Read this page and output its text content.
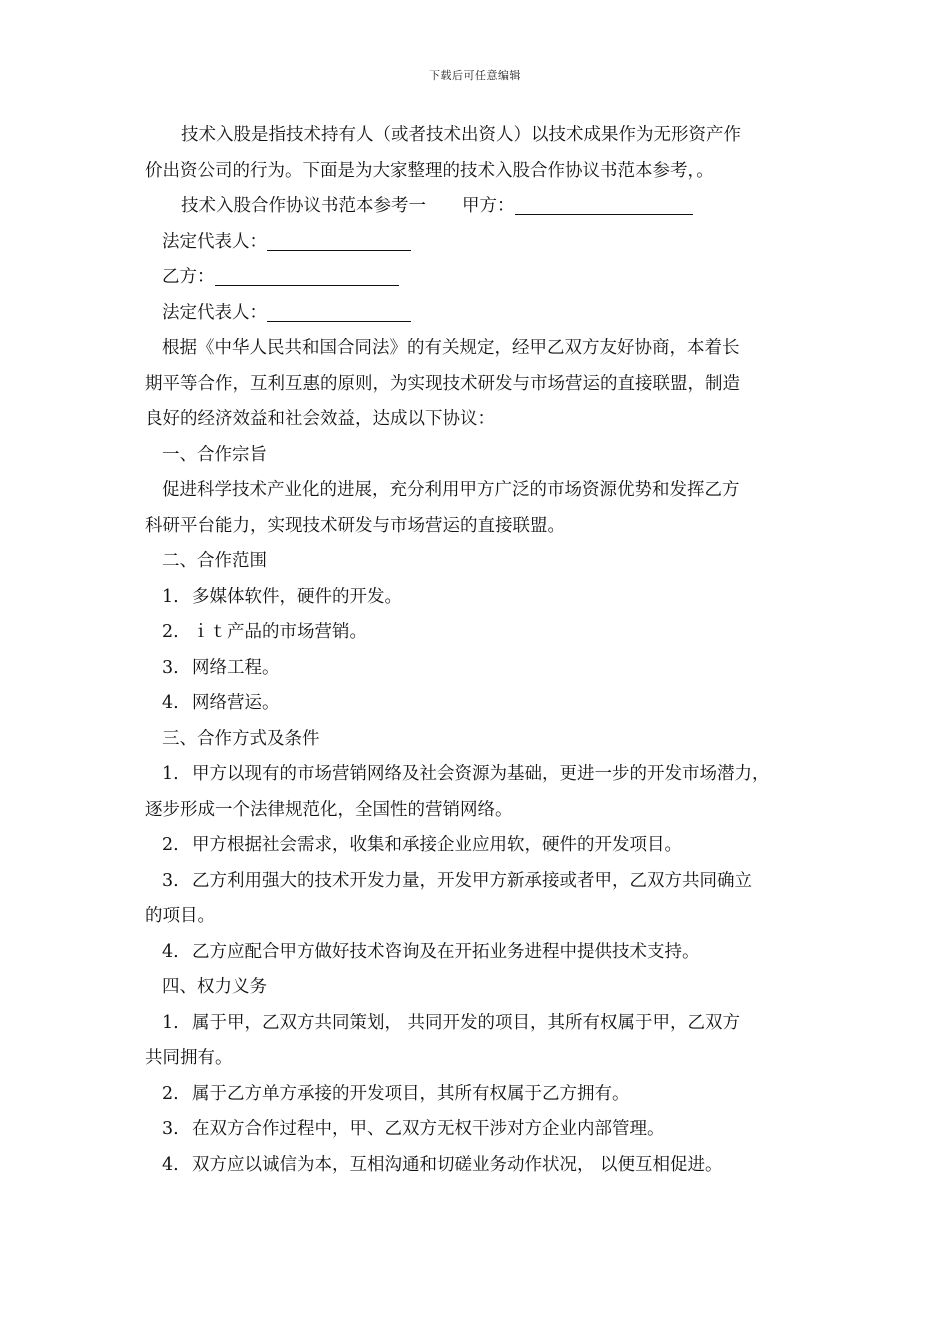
下载后可任意编辑

技术入股是指技术持有人（或者技术出资人）以技术成果作为无形资产作

价出资公司的行为。下面是为大家整理的技术入股合作协议书范本参考，。

技术入股合作协议书范本参考一 甲方：

法定代表人：

乙方：

法定代表人：

根据《中华人民共和国合同法》的有关规定，经甲乙双方友好协商，本着长

期平等合作，互利互惠的原则，为实现技术研发与市场营运的直接联盟，制造

良好的经济效益和社会效益，达成以下协议：

一、合作宗旨

促进科学技术产业化的进展，充分利用甲方广泛的市场资源优势和发挥乙方

科研平台能力，实现技术研发与市场营运的直接联盟。

二、合作范围

1. 多媒体软件，硬件的开发。

2. ｉｔ产品的市场营销。

3. 网络工程。

4. 网络营运。

三、合作方式及条件

1. 甲方以现有的市场营销网络及社会资源为基础，更进一步的开发市场潜力，

逐步形成一个法律规范化，全国性的营销网络。

2. 甲方根据社会需求，收集和承接企业应用软，硬件的开发项目。

3. 乙方利用强大的技术开发力量，开发甲方新承接或者甲，乙双方共同确立

的项目。

4. 乙方应配合甲方做好技术咨询及在开拓业务进程中提供技术支持。

四、权力义务

1. 属于甲，乙双方共同策划， 共同开发的项目，其所有权属于甲，乙双方

共同拥有。

2. 属于乙方单方承接的开发项目，其所有权属于乙方拥有。

3. 在双方合作过程中，甲、乙双方无权干涉对方企业内部管理。

4. 双方应以诚信为本，互相沟通和切磋业务动作状况， 以便互相促进。
